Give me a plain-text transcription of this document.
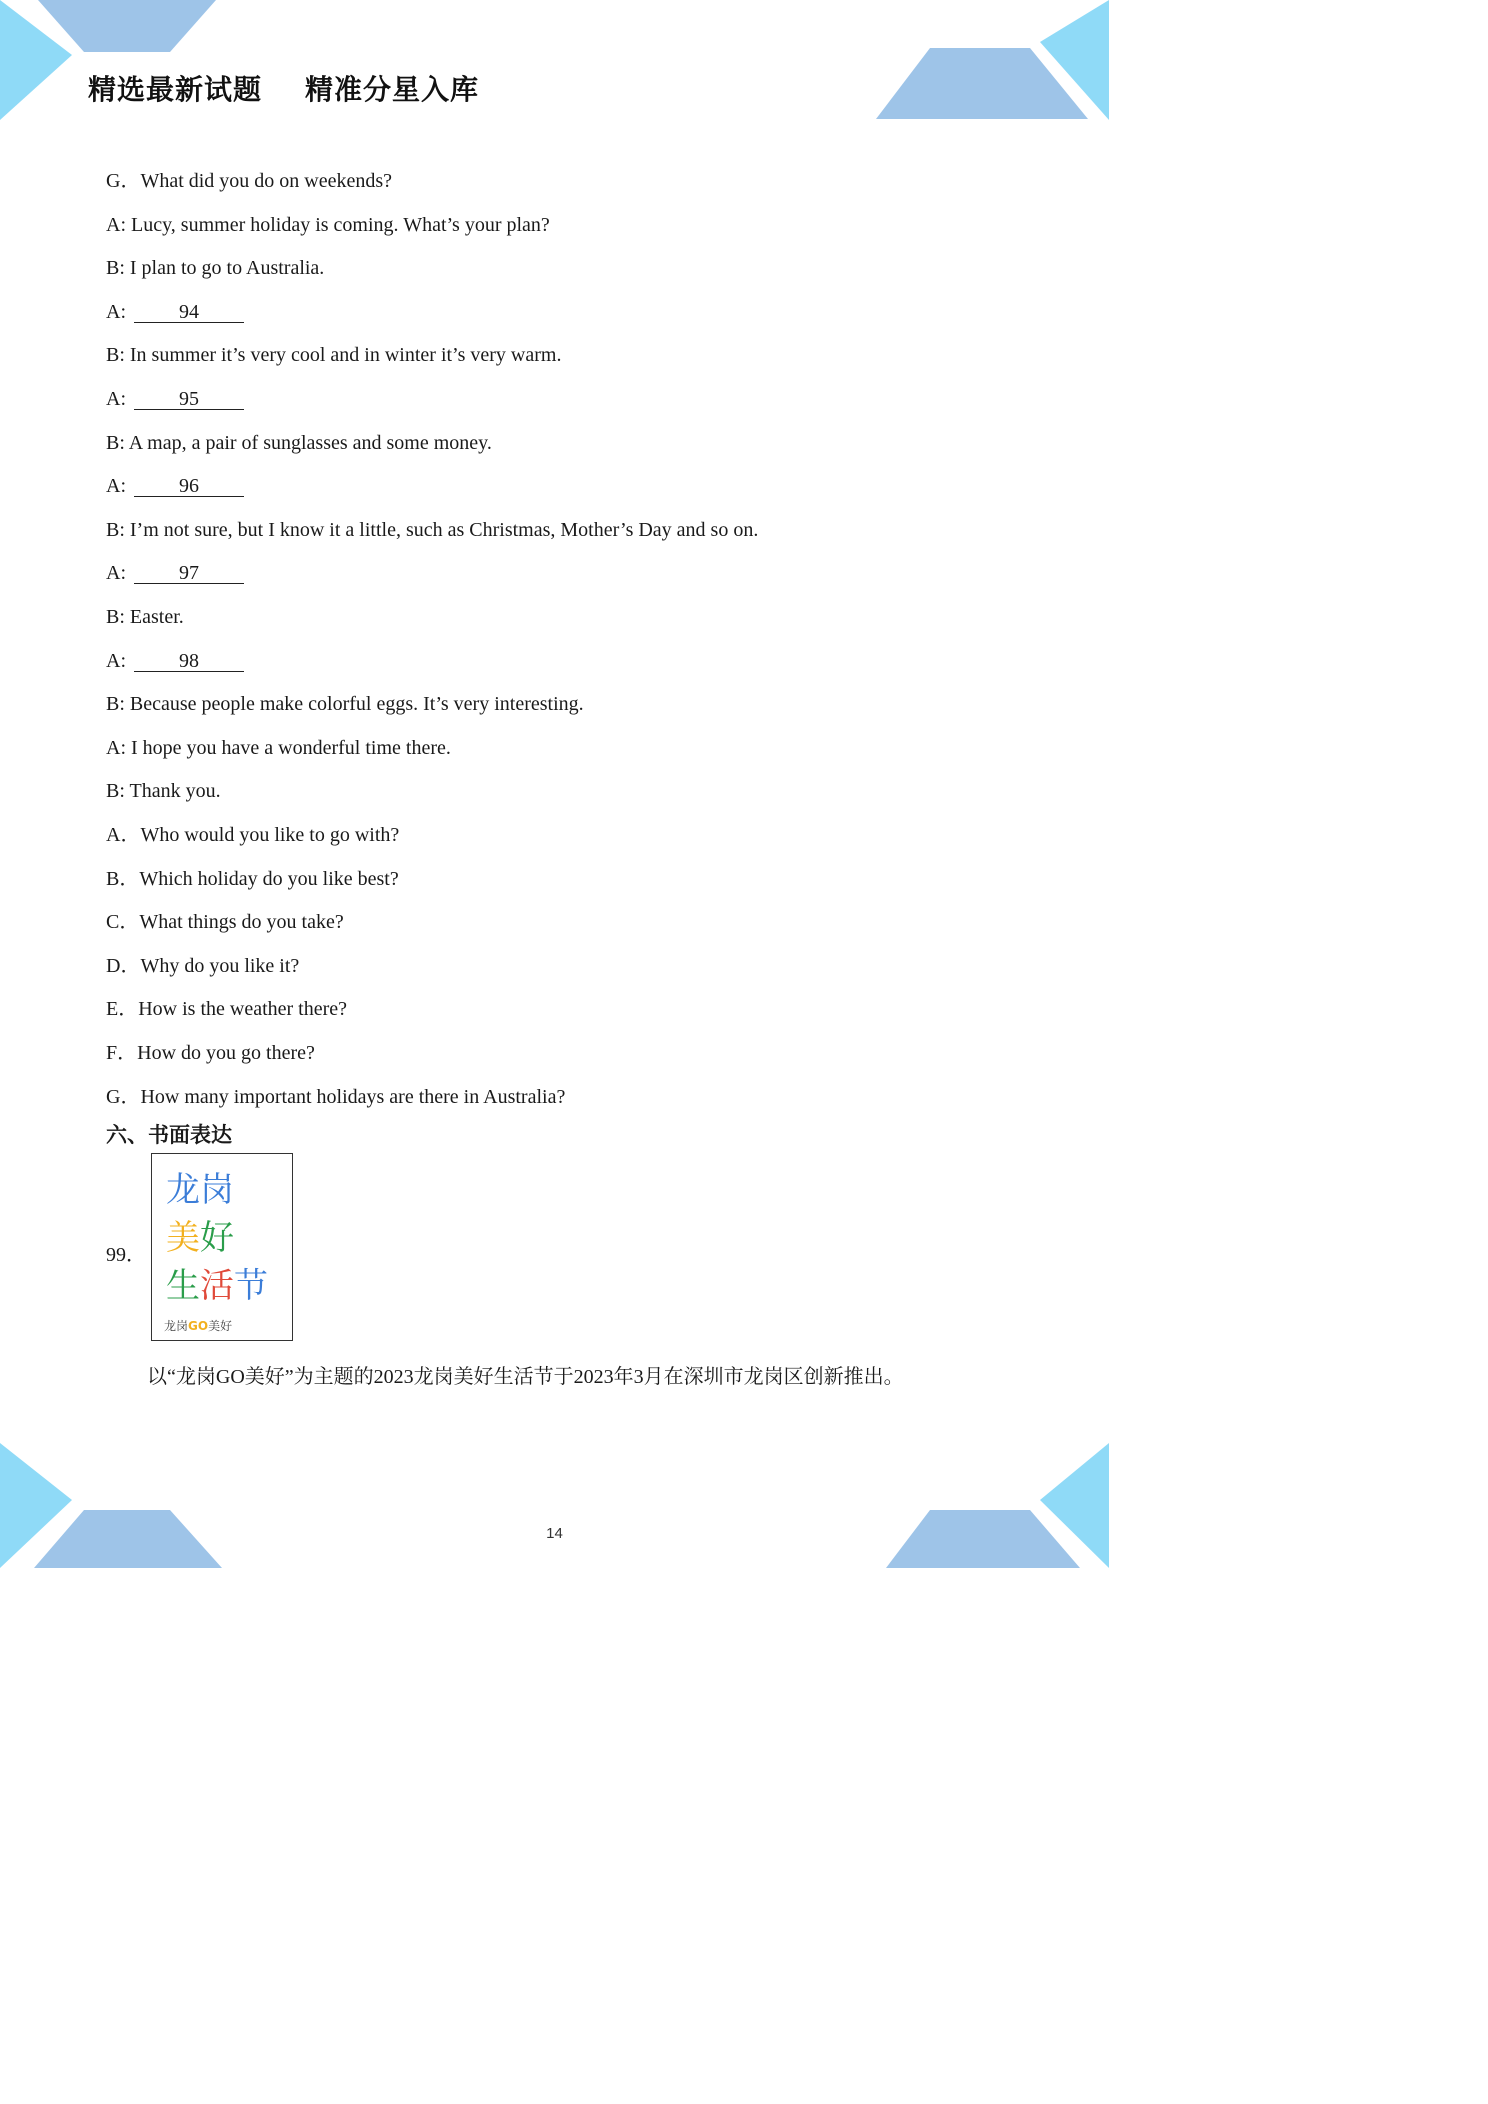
精选最新试题    精准分星入库
G．What did you do on weekends?
A: Lucy, summer holiday is coming. What’s your plan?
B: I plan to go to Australia.
A:	94
B: In summer it’s very cool and in winter it’s very warm.
A:	95
B: A map, a pair of sunglasses and some money.
A:	96
B: I’m not sure, but I know it a little, such as Christmas, Mother’s Day and so on.
A:	97
B: Easter.
A:	98
B: Because people make colorful eggs. It’s very interesting.
A: I hope you have a wonderful time there.
B: Thank you.
A．Who would you like to go with?
B．Which holiday do you like best?
C．What things do you take?
D．Why do you like it?
E．How is the weather there?
F．How do you go there?
G．How many important holidays are there in Australia?
六、书面表达
99．
龙岗
美好
生活节
龙岗GO美好
以“龙岗GO美好”为主题的2023龙岗美好生活节于2023年3月在深圳市龙岗区创新推出。
14
